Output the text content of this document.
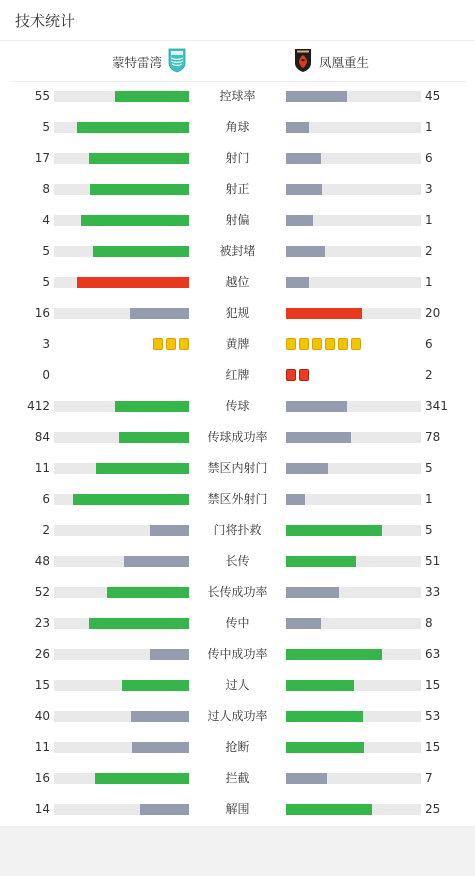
技术统计
蒙特雷湾	凤凰重生
55	控球率	45
5	角球	1
17	射门	6
8	射正	3
4	射偏	1
5	被封堵	2
5	越位	1
16	犯规	20
3	黄牌	6
0	红牌	2
412	传球	341
84	传球成功率	78
11	禁区内射门	5
6	禁区外射门	1
2	门将扑救	5
48	长传	51
52	长传成功率	33
23	传中	8
26	传中成功率	63
15	过人	15
40	过人成功率	53
11	抢断	15
16	拦截	7
14	解围	25
